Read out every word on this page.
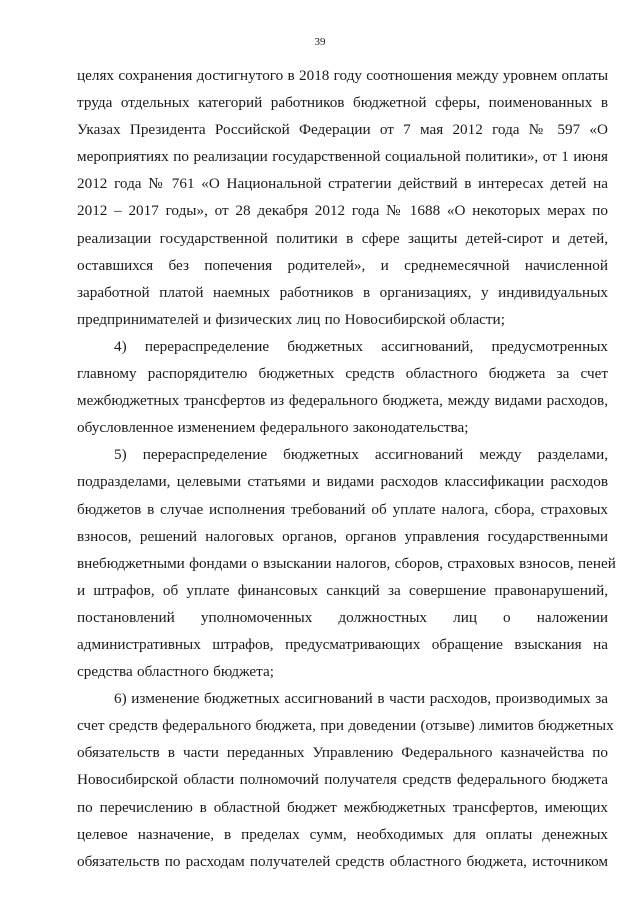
39

целях сохранения достигнутого в 2018 году соотношения между уровнем оплаты
труда отдельных категорий работников бюджетной сферы, поименованных в
Указах Президента Российской Федерации от 7 мая 2012 года № 597 «О
мероприятиях по реализации государственной социальной политики», от 1 июня
2012 года № 761 «О Национальной стратегии действий в интересах детей на
2012 – 2017 годы», от 28 декабря 2012 года № 1688 «О некоторых мерах по
реализации государственной политики в сфере защиты детей-сирот и детей,
оставшихся без попечения родителей», и среднемесячной начисленной
заработной платой наемных работников в организациях, у индивидуальных
предпринимателей и физических лиц по Новосибирской области;

4) перераспределение бюджетных ассигнований, предусмотренных
главному распорядителю бюджетных средств областного бюджета за счет
межбюджетных трансфертов из федерального бюджета, между видами расходов,
обусловленное изменением федерального законодательства;

5) перераспределение бюджетных ассигнований между разделами,
подразделами, целевыми статьями и видами расходов классификации расходов
бюджетов в случае исполнения требований об уплате налога, сбора, страховых
взносов, решений налоговых органов, органов управления государственными
внебюджетными фондами о взыскании налогов, сборов, страховых взносов, пеней
и штрафов, об уплате финансовых санкций за совершение правонарушений,
постановлений уполномоченных должностных лиц о наложении
административных штрафов, предусматривающих обращение взыскания на
средства областного бюджета;

6) изменение бюджетных ассигнований в части расходов, производимых за
счет средств федерального бюджета, при доведении (отзыве) лимитов бюджетных
обязательств в части переданных Управлению Федерального казначейства по
Новосибирской области полномочий получателя средств федерального бюджета
по перечислению в областной бюджет межбюджетных трансфертов, имеющих
целевое назначение, в пределах сумм, необходимых для оплаты денежных
обязательств по расходам получателей средств областного бюджета, источником
